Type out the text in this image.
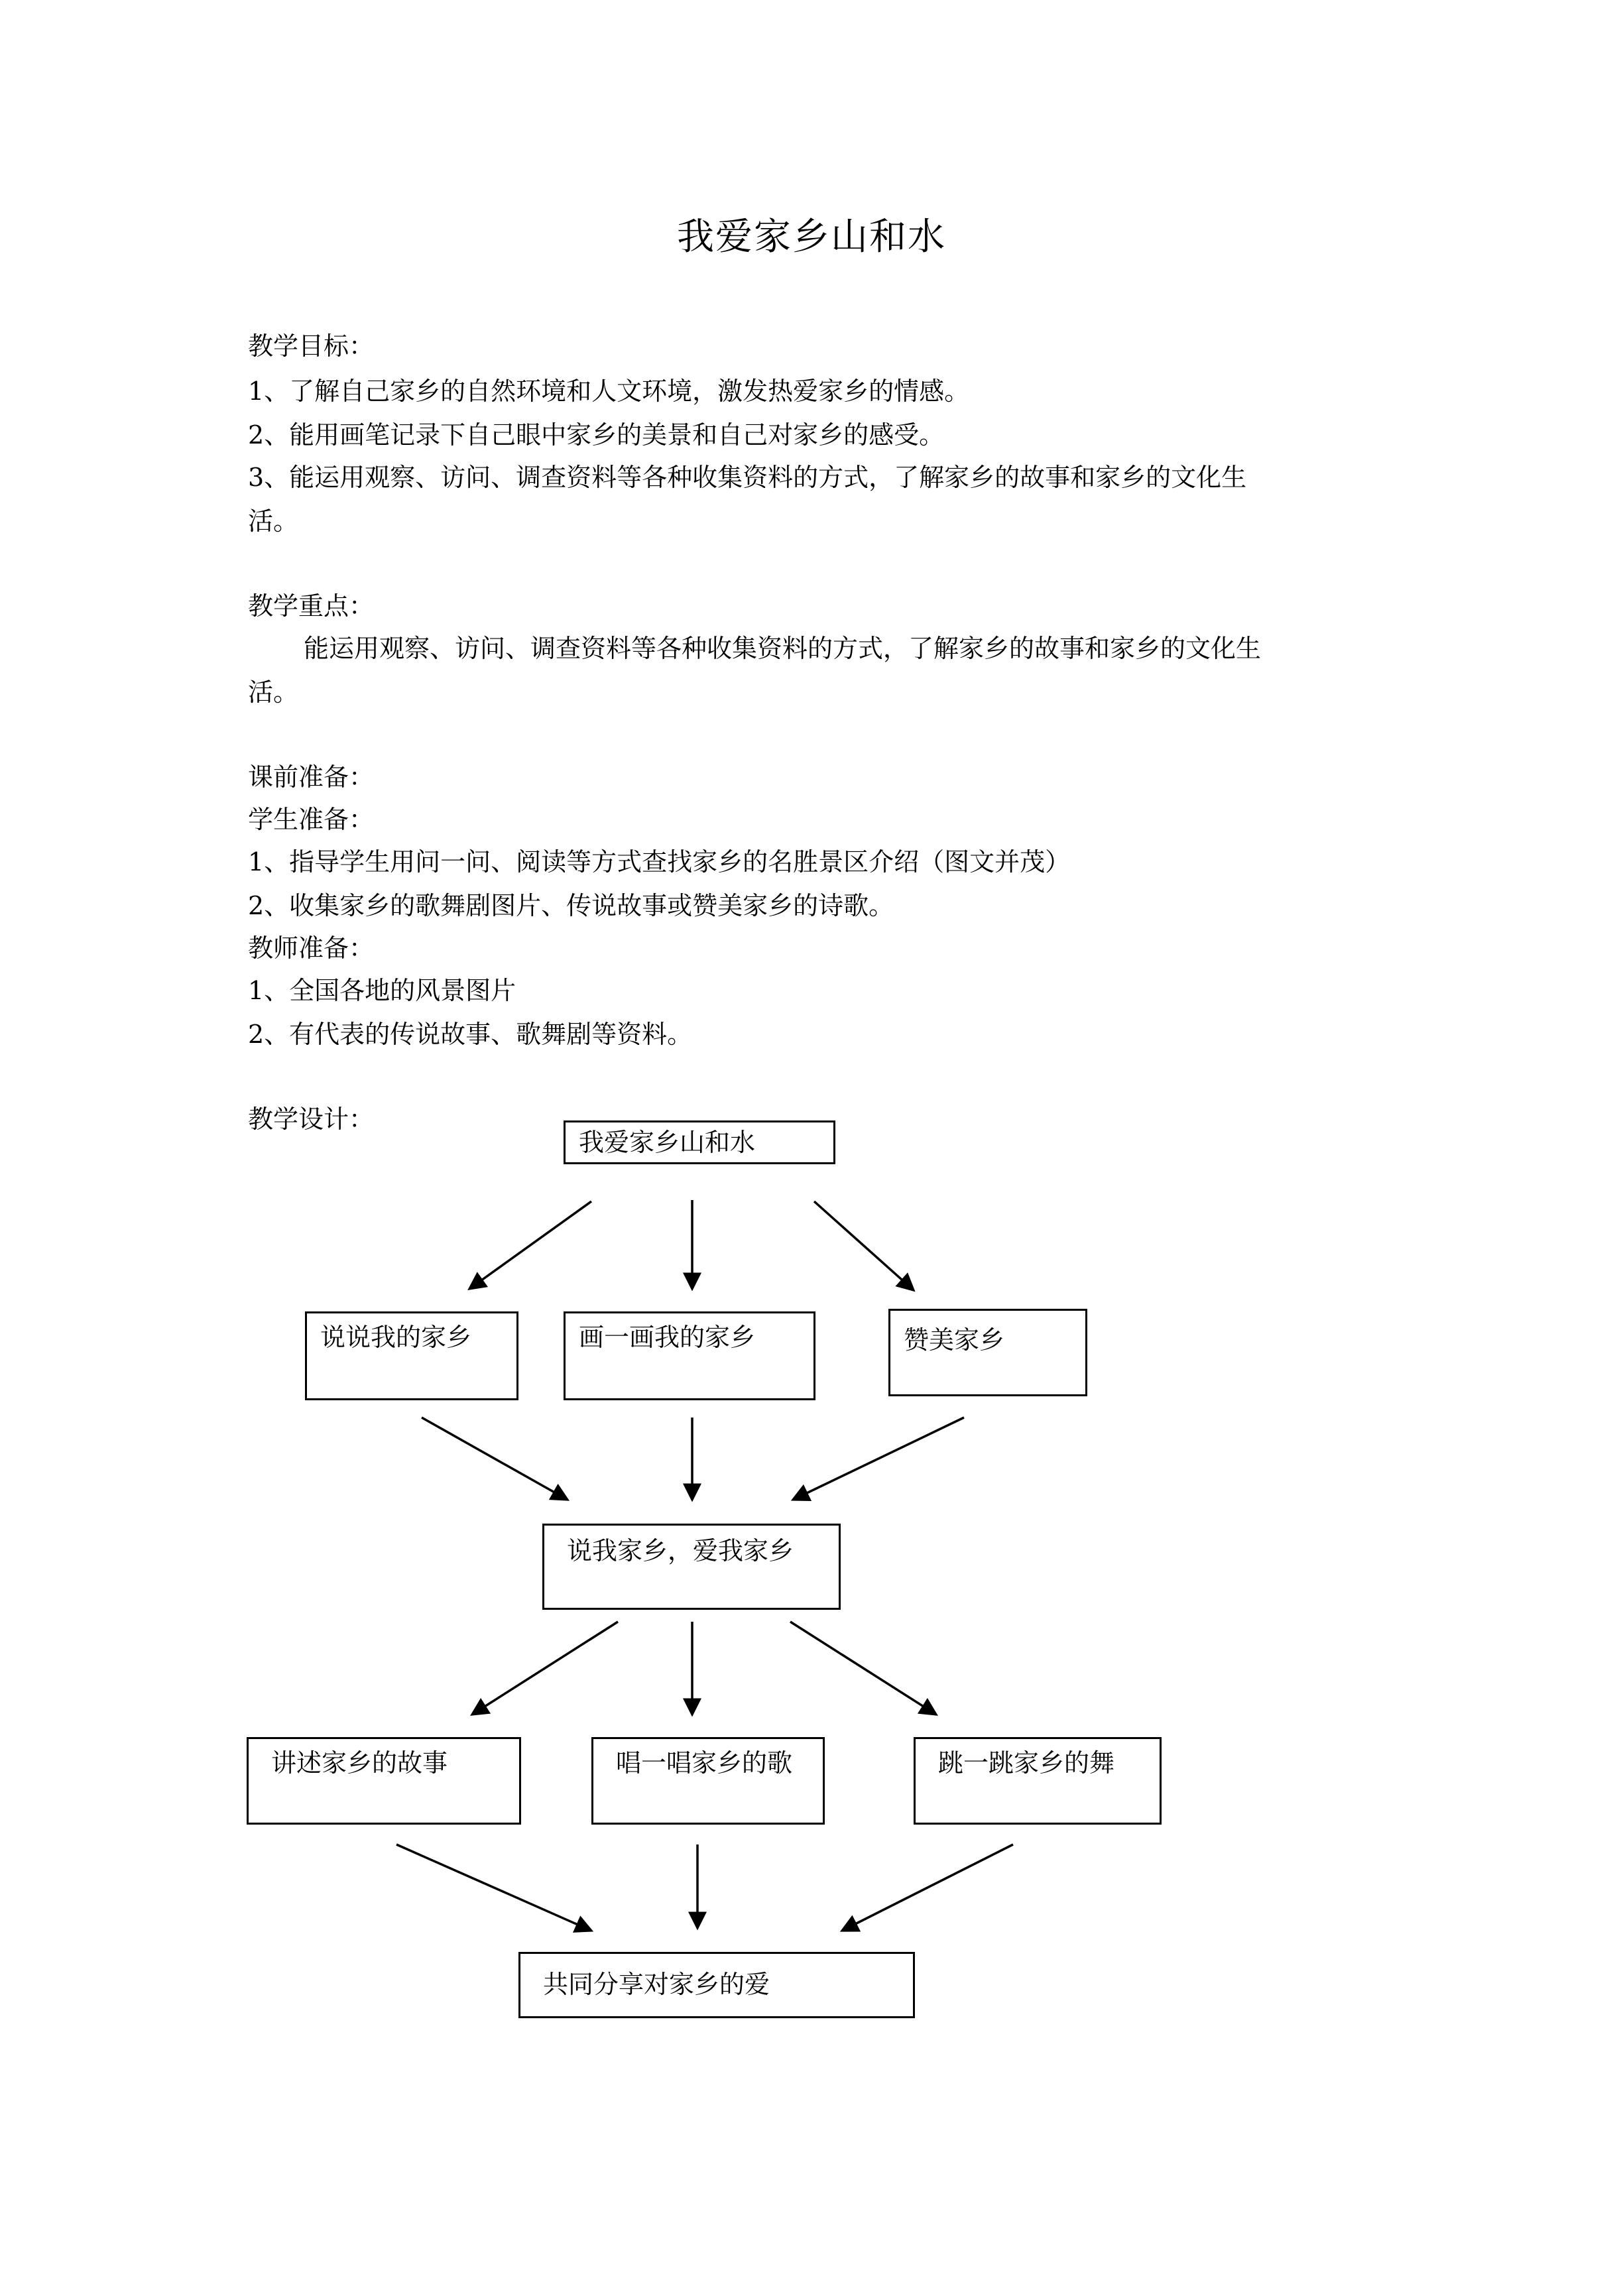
我爱家乡山和水
教学目标：
1、了解自己家乡的自然环境和人文环境，激发热爱家乡的情感。
2、能用画笔记录下自己眼中家乡的美景和自己对家乡的感受。
3、能运用观察、访问、调查资料等各种收集资料的方式，了解家乡的故事和家乡的文化生
活。
教学重点：
能运用观察、访问、调查资料等各种收集资料的方式，了解家乡的故事和家乡的文化生
活。
课前准备：
学生准备：
1、指导学生用问一问、阅读等方式查找家乡的名胜景区介绍（图文并茂）
2、收集家乡的歌舞剧图片、传说故事或赞美家乡的诗歌。
教师准备：
1、全国各地的风景图片
2、有代表的传说故事、歌舞剧等资料。
教学设计：
我爱家乡山和水
说说我的家乡	画一画我的家乡	赞美家乡
说我家乡，爱我家乡
讲述家乡的故事	唱一唱家乡的歌	跳一跳家乡的舞
共同分享对家乡的爱
